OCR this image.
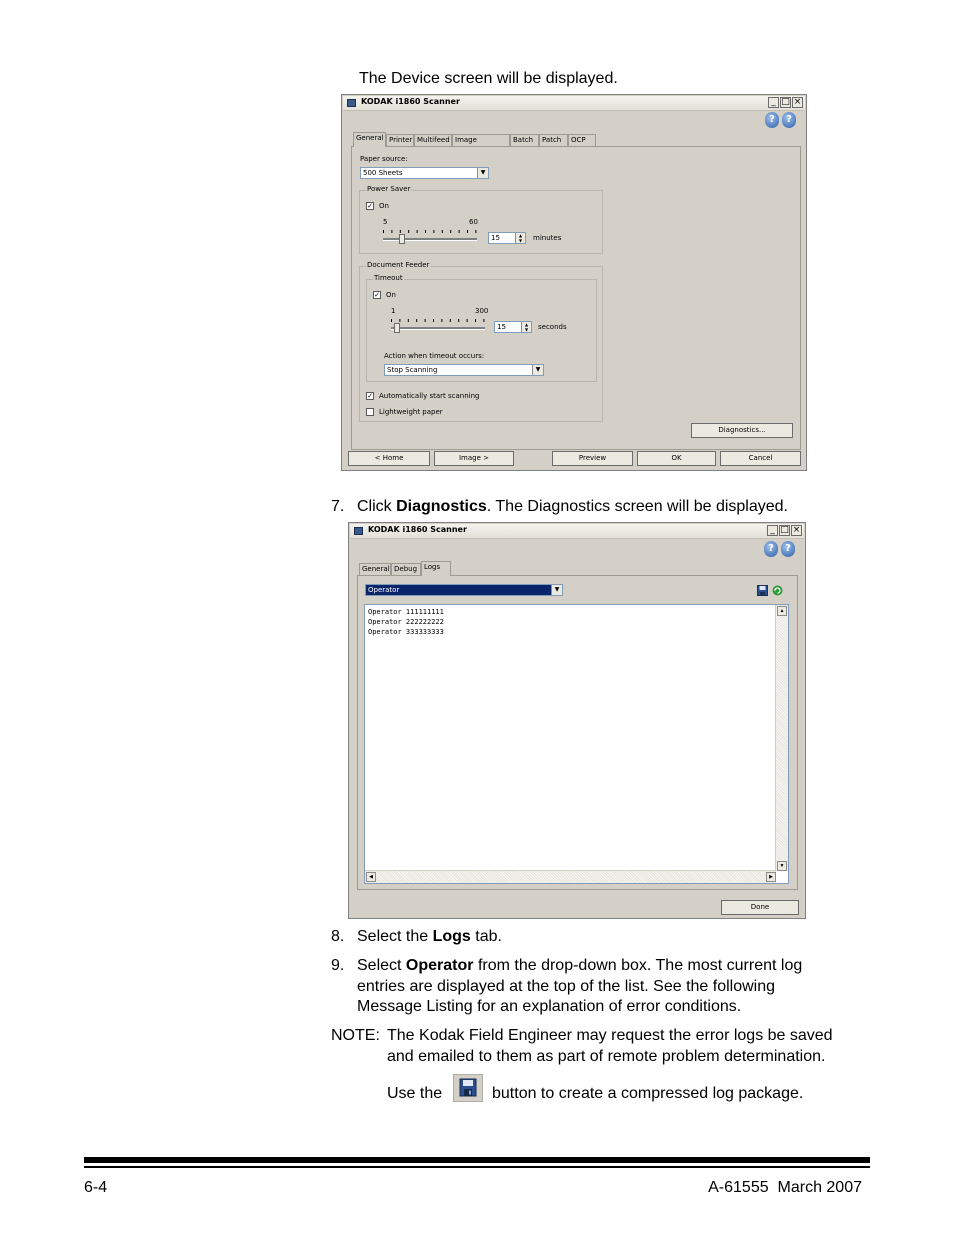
The Device screen will be displayed.
KODAK i1860 Scanner	_ □ ×
?	?
General Printer Multifeed Image	Batch	Patch	OCP
Paper source:
500 Sheets	▼
Power Saver
✓ On
5	60
15	▲
▼	minutes
Document Feeder
Timeout
✓ On
1	300
15	▲
▼	seconds
Action when timeout occurs:
Stop Scanning	▼
✓ Automatically start scanning
Lightweight paper
Diagnostics...
< Home	Image >	Preview	OK	Cancel
7. Click Diagnostics. The Diagnostics screen will be displayed.
KODAK i1860 Scanner	_ □ ×
?	?
General Debug Logs
Operator	▼
Operator 111111111
Operator 222222222
Operator 333333333
▲
▼
◀	▶
Done
8. Select the Logs tab.
9. Select Operator from the drop-down box. The most current log
entries are displayed at the top of the list. See the following
Message Listing for an explanation of error conditions.
NOTE: The Kodak Field Engineer may request the error logs be saved
and emailed to them as part of remote problem determination.
Use the	button to create a compressed log package.
6-4	A-61555  March 2007
